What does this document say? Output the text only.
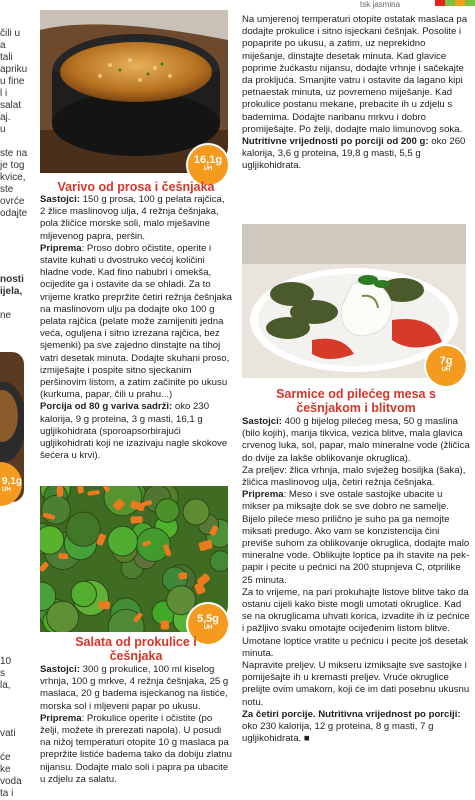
tsk jasmina
9,1g
UH
čili u
a
tali
apriku
u fine
l i
salat
aj.
u
ste na
je tog
kvice,
ste
ovrće
odajte
nosti
ijela,
ne
10
s
la,
vati
će
ke
voda
ta i
16,1g
UH
Varivo od prosa i češnjaka

Sastojci: 150 g prosa, 100 g pelata rajčica, 2 žlice maslinovog ulja, 4 režnja češnjaka, pola žličice morske soli, malo mješavine mljevenog papra, peršin.

Priprema: Proso dobro očistite, operite i stavite kuhati u dvostruko većoj količini hladne vode. Kad fino nabubri i omekša, ocijedite ga i ostavite da se ohladi. Za to vrijeme kratko prepržite četiri režnja češnjaka na maslinovom ulju pa dodajte oko 100 g pelata rajčica (pelate može zamijeniti jedna veća, oguljena i sitno izrezana rajčica, bez sjemenki) pa sve zajedno dinstajte na tihoj vatri desetak minuta. Dodajte skuhani proso, izmiješajte i pospite sitno sjeckanim peršinovim listom, a zatim začinite po ukusu (kurkuma, papar, čili u prahu...)

Porcija od 80 g variva sadrži: oko 230 kalorija, 9 g proteina, 3 g masti, 16,1 g ugljikohidrata (sporoapsorbirajući ugljikohidrati koji ne izazivaju nagle skokove šećera u krvi).

5,5g
UH
Salata od prokulice i češnjaka

Sastojci: 300 g prokulice, 100 ml kiselog vrhnja, 100 g mrkve, 4 režnja češnjaka, 25 g maslaca, 20 g bademа isjeckanog na listiće, morska sol i mljeveni papar po ukusu.

Priprema: Prokulice operite i očistite (po želji, možete ih prerezati napola). U posudi na nižoj temperaturi otopite 10 g maslaca pa prepržite listiće badema tako da dobiju zlatnu nijansu. Dodajte malo soli i papra pa ubacite u zdjelu za salatu.

Na umjerenoj temperaturi otopite ostatak maslaca pa dodajte prokulice i sitno isjeckani češnjak. Posolite i popaprite po ukusu, a zatim, uz neprekidno miješanje, dinstajte desetak minuta. Kad glavice poprime žućkastu nijansu, dodajte vrhnje i sačekajte da prokljuća. Smanjite vatru i ostavite da lagano kipi petnaestak minuta, uz povremeno miješanje. Kad prokulice postanu mekane, prebacite ih u zdjelu s bademima. Dodajte naribanu mrkvu i dobro promiješajte. Po želji, dodajte malo limunovog soka.

Nutritivne vrijednosti po porciji od 200 g: oko 260 kalorija, 3,6 g proteina, 19,8 g masti, 5,5 g ugljikohidrata.

7g
UH
Sarmice od pilećeg mesa s češnjakom i blitvom

Sastojci: 400 g bijelog pilećeg mesa, 50 g maslina (bilo kojih), manja tikvica, vezica blitve, mala glavica crvenog luka, sol, papar, malo mineralne vode (žličica do dvije za lakše oblikovanje okruglica).

Za preljev: žlica vrhnja, malo svježeg bosiljka (šaka), žličica maslinovog ulja, četiri režnja češnjaka.

Priprema: Meso i sve ostale sastojke ubacite u mikser pa miksajte dok se sve dobro ne sameljе. Bijelo pileće meso prilično je suho pa ga nemojte miksati predugo. Ako vam se konzistencija čini previše suhom za oblikovanje okruglica, dodajte malo mineralne vode. Oblikujte loptice pa ih stavite na pek-papir i pecite u pećnici na 200 stupnjeva C, otprilike 25 minuta.

Za to vrijeme, na pari prokuhajte listove blitve tako da ostanu cijeli kako biste mogli umotati okruglice. Kad se na okruglicama uhvati korica, izvadite ih iz pećnice i pažljivo svaku omotajte ocijeđenim listom blitve. Umotane loptice vratite u pećnicu i pecite još desetak minuta.

Napravite preljev. U mikseru izmiksajte sve sastojke i pomiješajte ih u kremasti preljev. Vruće okruglice prelijte ovim umakom, koji će im dati posebnu ukusnu notu.

Za četiri porcije. Nutritivna vrijednost po porciji: oko 230 kalorija, 12 g proteina, 8 g masti, 7 g ugljikohidrata. ■
